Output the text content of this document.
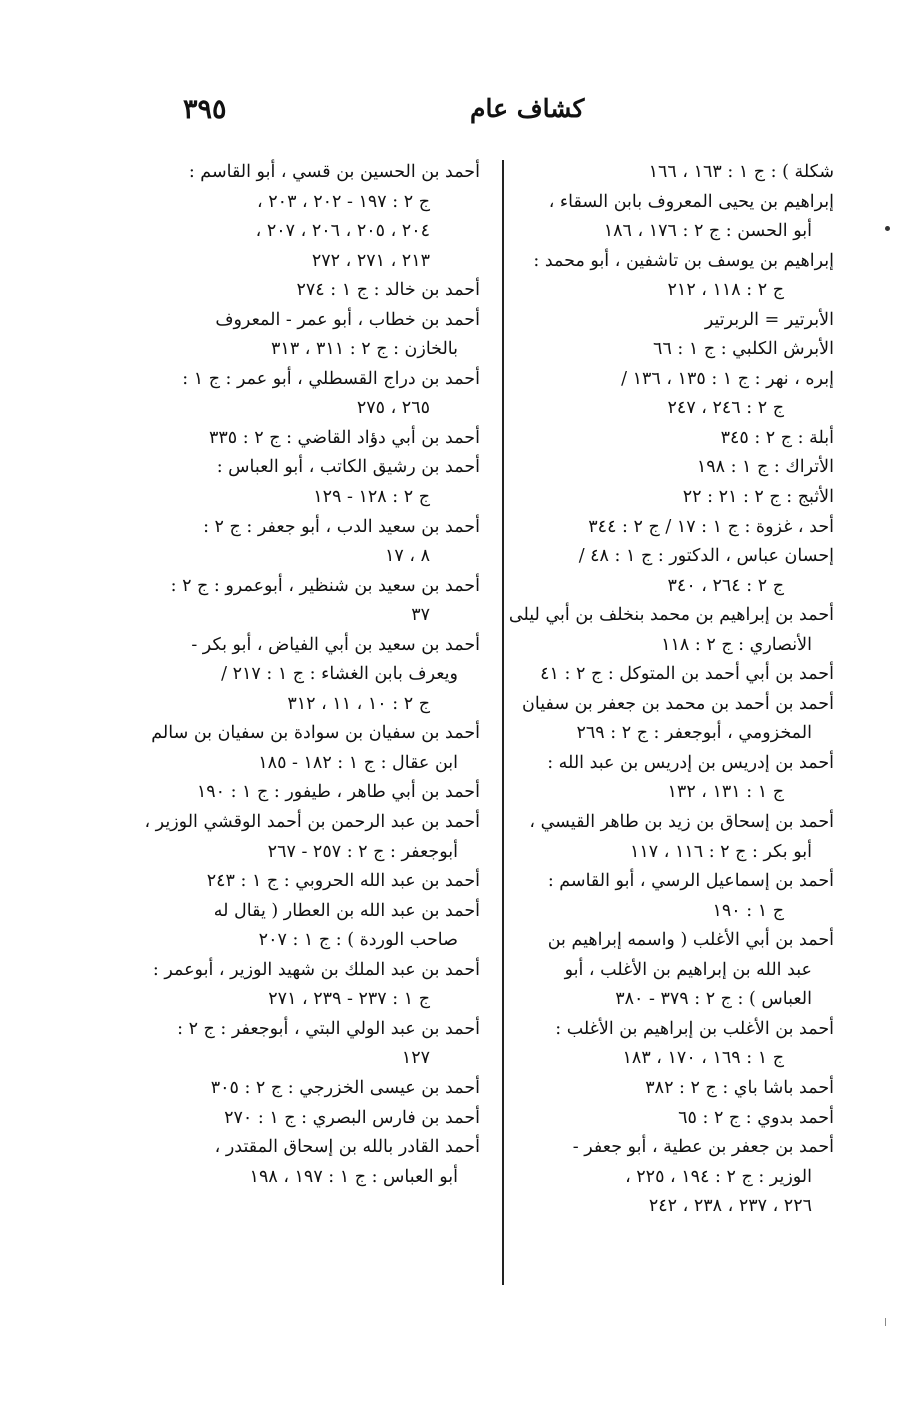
٣٩٥	كشاف عام
شكلة ) : ج ١ : ١٦٣ ، ١٦٦
إبراهيم بن يحيى المعروف بابن السقاء ،
أبو الحسن : ج ٢ : ١٧٦ ، ١٨٦
إبراهيم بن يوسف بن تاشفين ، أبو محمد :
ج ٢ : ١١٨ ، ٢١٢
الأبرتير = الربرتير
الأبرش الكلبي : ج ١ : ٦٦
إبره ، نهر : ج ١ : ١٣٥ ، ١٣٦ /
ج ٢ : ٢٤٦ ، ٢٤٧
أبلة : ج ٢ : ٣٤٥
الأتراك : ج ١ : ١٩٨
الأثبج : ج ٢ : ٢١ : ٢٢
أحد ، غزوة : ج ١ : ١٧ / ج ٢ : ٣٤٤
إحسان عباس ، الدكتور : ج ١ : ٤٨ /
ج ٢ : ٢٦٤ ، ٣٤٠
أحمد بن إبراهيم بن محمد بنخلف بن أبي ليلى
الأنصاري : ج ٢ : ١١٨
أحمد بن أبي أحمد بن المتوكل : ج ٢ : ٤١
أحمد بن أحمد بن محمد بن جعفر بن سفيان
المخزومي ، أبوجعفر : ج ٢ : ٢٦٩
أحمد بن إدريس بن إدريس بن عبد الله :
ج ١ : ١٣١ ، ١٣٢
أحمد بن إسحاق بن زيد بن طاهر القيسي ،
أبو بكر : ج ٢ : ١١٦ ، ١١٧
أحمد بن إسماعيل الرسي ، أبو القاسم :
ج ١ : ١٩٠
أحمد بن أبي الأغلب ( واسمه إبراهيم بن
عبد الله بن إبراهيم بن الأغلب ، أبو
العباس ) : ج ٢ : ٣٧٩ - ٣٨٠
أحمد بن الأغلب بن إبراهيم بن الأغلب :
ج ١ : ١٦٩ ، ١٧٠ ، ١٨٣
أحمد باشا باي : ج ٢ : ٣٨٢
أحمد بدوي : ج ٢ : ٦٥
أحمد بن جعفر بن عطية ، أبو جعفر -
الوزير : ج ٢ : ١٩٤ ، ٢٢٥ ،
٢٢٦ ، ٢٣٧ ، ٢٣٨ ، ٢٤٢
أحمد بن الحسين بن قسي ، أبو القاسم :
ج ٢ : ١٩٧ - ٢٠٢ ، ٢٠٣ ،
٢٠٤ ، ٢٠٥ ، ٢٠٦ ، ٢٠٧ ،
٢١٣ ، ٢٧١ ، ٢٧٢
أحمد بن خالد : ج ١ : ٢٧٤
أحمد بن خطاب ، أبو عمر - المعروف
بالخازن : ج ٢ : ٣١١ ، ٣١٣
أحمد بن دراج القسطلي ، أبو عمر : ج ١ :
٢٦٥ ، ٢٧٥
أحمد بن أبي دؤاد القاضي : ج ٢ : ٣٣٥
أحمد بن رشيق الكاتب ، أبو العباس :
ج ٢ : ١٢٨ - ١٢٩
أحمد بن سعيد الدب ، أبو جعفر : ج ٢ :
٨ ، ١٧
أحمد بن سعيد بن شنظير ، أبوعمرو : ج ٢ :
٣٧
أحمد بن سعيد بن أبي الفياض ، أبو بكر -
ويعرف بابن الغشاء : ج ١ : ٢١٧ /
ج ٢ : ١٠ ، ١١ ، ٣١٢
أحمد بن سفيان بن سوادة بن سفيان بن سالم
ابن عقال : ج ١ : ١٨٢ - ١٨٥
أحمد بن أبي طاهر ، طيفور : ج ١ : ١٩٠
أحمد بن عبد الرحمن بن أحمد الوقشي الوزير ،
أبوجعفر : ج ٢ : ٢٥٧ - ٢٦٧
أحمد بن عبد الله الحروبي : ج ١ : ٢٤٣
أحمد بن عبد الله بن العطار ( يقال له
صاحب الوردة ) : ج ١ : ٢٠٧
أحمد بن عبد الملك بن شهيد الوزير ، أبوعمر :
ج ١ : ٢٣٧ - ٢٣٩ ، ٢٧١
أحمد بن عبد الولي البتي ، أبوجعفر : ج ٢ :
١٢٧
أحمد بن عيسى الخزرجي : ج ٢ : ٣٠٥
أحمد بن فارس البصري : ج ١ : ٢٧٠
أحمد القادر بالله بن إسحاق المقتدر ،
أبو العباس : ج ١ : ١٩٧ ، ١٩٨
